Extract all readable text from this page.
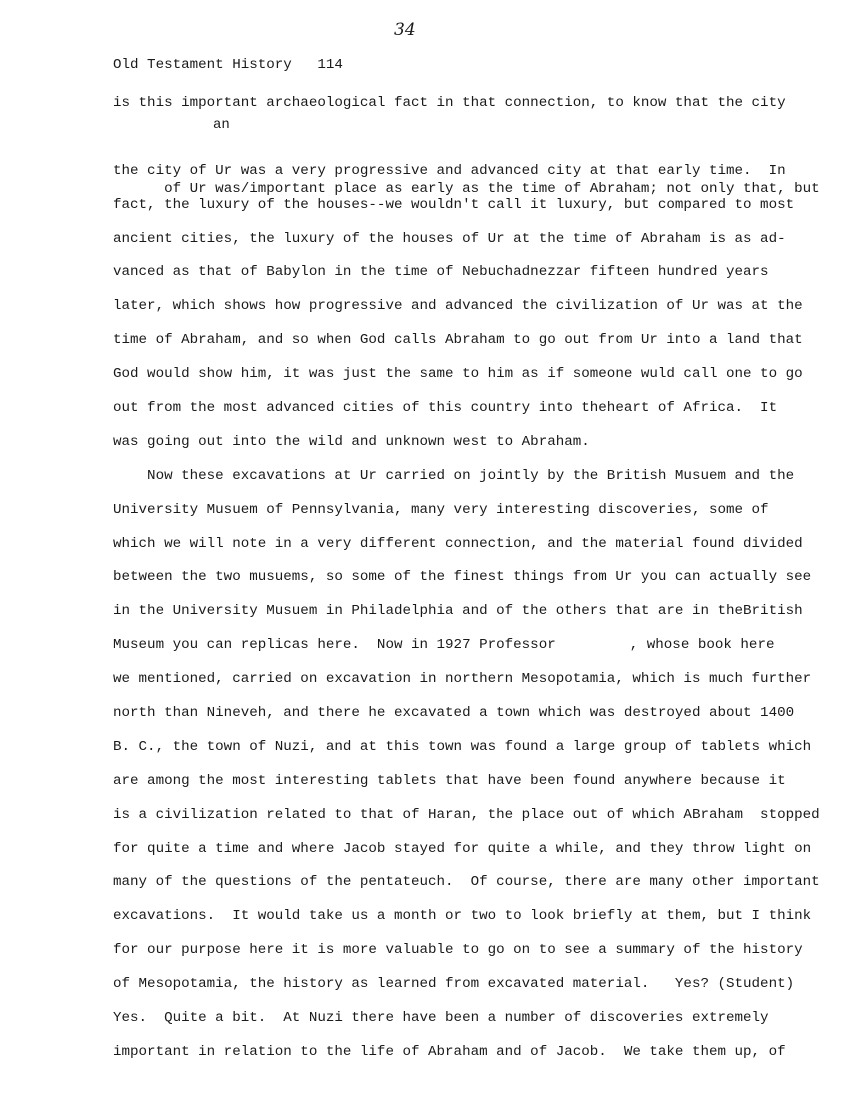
34
Old Testament History   114
is this important archaeological fact in that connection, to know that the city

an

of Ur was/important place as early as the time of Abraham; not only that, but

the city of Ur was a very progressive and advanced city at that early time.  In
fact, the luxury of the houses--we wouldn't call it luxury, but compared to most
ancient cities, the luxury of the houses of Ur at the time of Abraham is as ad-
vanced as that of Babylon in the time of Nebuchadnezzar fifteen hundred years
later, which shows how progressive and advanced the civilization of Ur was at the
time of Abraham, and so when God calls Abraham to go out from Ur into a land that
God would show him, it was just the same to him as if someone wuld call one to go
out from the most advanced cities of this country into theheart of Africa.  It
was going out into the wild and unknown west to Abraham.
Now these excavations at Ur carried on jointly by the British Musuem and the
University Musuem of Pennsylvania, many very interesting discoveries, some of
which we will note in a very different connection, and the material found divided
between the two musuems, so some of the finest things from Ur you can actually see
in the University Musuem in Philadelphia and of the others that are in theBritish
Museum you can replicas here.  Now in 1927 Professor	, whose book here
we mentioned, carried on excavation in northern Mesopotamia, which is much further
north than Nineveh, and there he excavated a town which was destroyed about 1400
B. C., the town of Nuzi, and at this town was found a large group of tablets which
are among the most interesting tablets that have been found anywhere because it
is a civilization related to that of Haran, the place out of which ABraham  stopped
for quite a time and where Jacob stayed for quite a while, and they throw light on
many of the questions of the pentateuch.  Of course, there are many other important
excavations.  It would take us a month or two to look briefly at them, but I think
for our purpose here it is more valuable to go on to see a summary of the history
of Mesopotamia, the history as learned from excavated material.   Yes? (Student)
Yes.  Quite a bit.  At Nuzi there have been a number of discoveries extremely
important in relation to the life of Abraham and of Jacob.  We take them up, of
